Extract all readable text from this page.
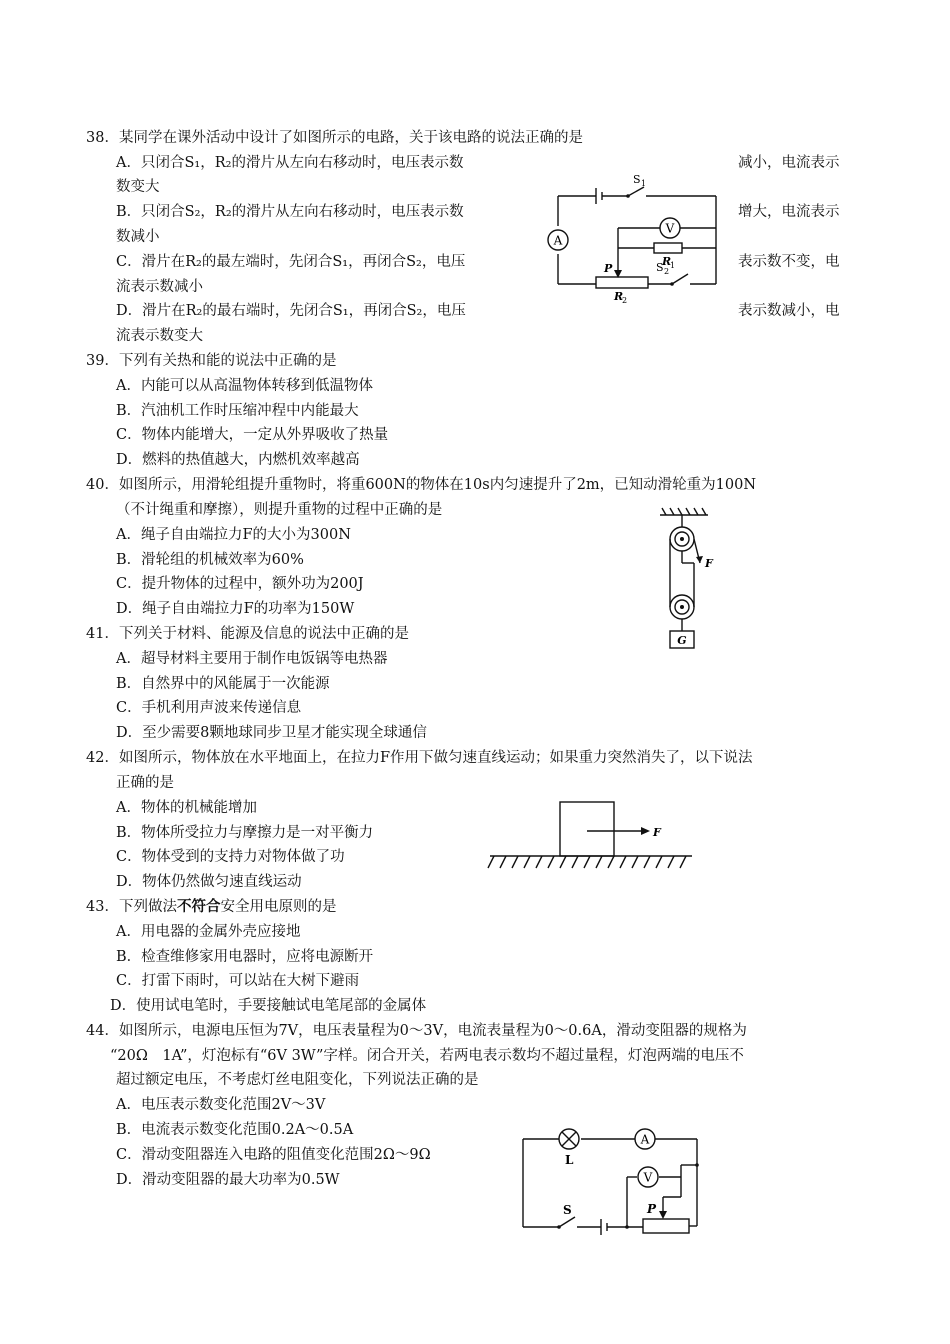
38．某同学在课外活动中设计了如图所示的电路，关于该电路的说法正确的是
A．只闭合S₁，R₂的滑片从左向右移动时，电压表示数	减小，电流表示
数变大
B．只闭合S₂，R₂的滑片从左向右移动时，电压表示数	增大，电流表示
数减小
C．滑片在R₂的最左端时，先闭合S₁，再闭合S₂，电压	表示数不变，电
流表示数减小
D．滑片在R₂的最右端时，先闭合S₁，再闭合S₂，电压	表示数减小，电
流表示数变大
A
V
S 1
S 2
R
1
R
2
P
39．下列有关热和能的说法中正确的是
A．内能可以从高温物体转移到低温物体
B．汽油机工作时压缩冲程中内能最大
C．物体内能增大，一定从外界吸收了热量
D．燃料的热值越大，内燃机效率越高
40．如图所示，用滑轮组提升重物时，将重600N的物体在10s内匀速提升了2m，已知动滑轮重为100N
（不计绳重和摩擦），则提升重物的过程中正确的是
A．绳子自由端拉力F的大小为300N
B．滑轮组的机械效率为60%
C．提升物体的过程中，额外功为200J
D．绳子自由端拉力F的功率为150W
F
G
41．下列关于材料、能源及信息的说法中正确的是
A．超导材料主要用于制作电饭锅等电热器
B．自然界中的风能属于一次能源
C．手机利用声波来传递信息
D．至少需要8颗地球同步卫星才能实现全球通信
42．如图所示，物体放在水平地面上，在拉力F作用下做匀速直线运动；如果重力突然消失了，以下说法
正确的是
A．物体的机械能增加
B．物体所受拉力与摩擦力是一对平衡力
C．物体受到的支持力对物体做了功
D．物体仍然做匀速直线运动
F
43．下列做法不符合安全用电原则的是
A．用电器的金属外壳应接地
B．检查维修家用电器时，应将电源断开
C．打雷下雨时，可以站在大树下避雨
D．使用试电笔时，手要接触试电笔尾部的金属体
44．如图所示，电源电压恒为7V，电压表量程为0～3V，电流表量程为0～0.6A，滑动变阻器的规格为
“20Ω　1A”，灯泡标有“6V 3W”字样。闭合开关，若两电表示数均不超过量程，灯泡两端的电压不
超过额定电压，不考虑灯丝电阻变化，下列说法正确的是
A．电压表示数变化范围2V～3V
B．电流表示数变化范围0.2A～0.5A
C．滑动变阻器连入电路的阻值变化范围2Ω～9Ω
D．滑动变阻器的最大功率为0.5W
A
V
L
S	P
